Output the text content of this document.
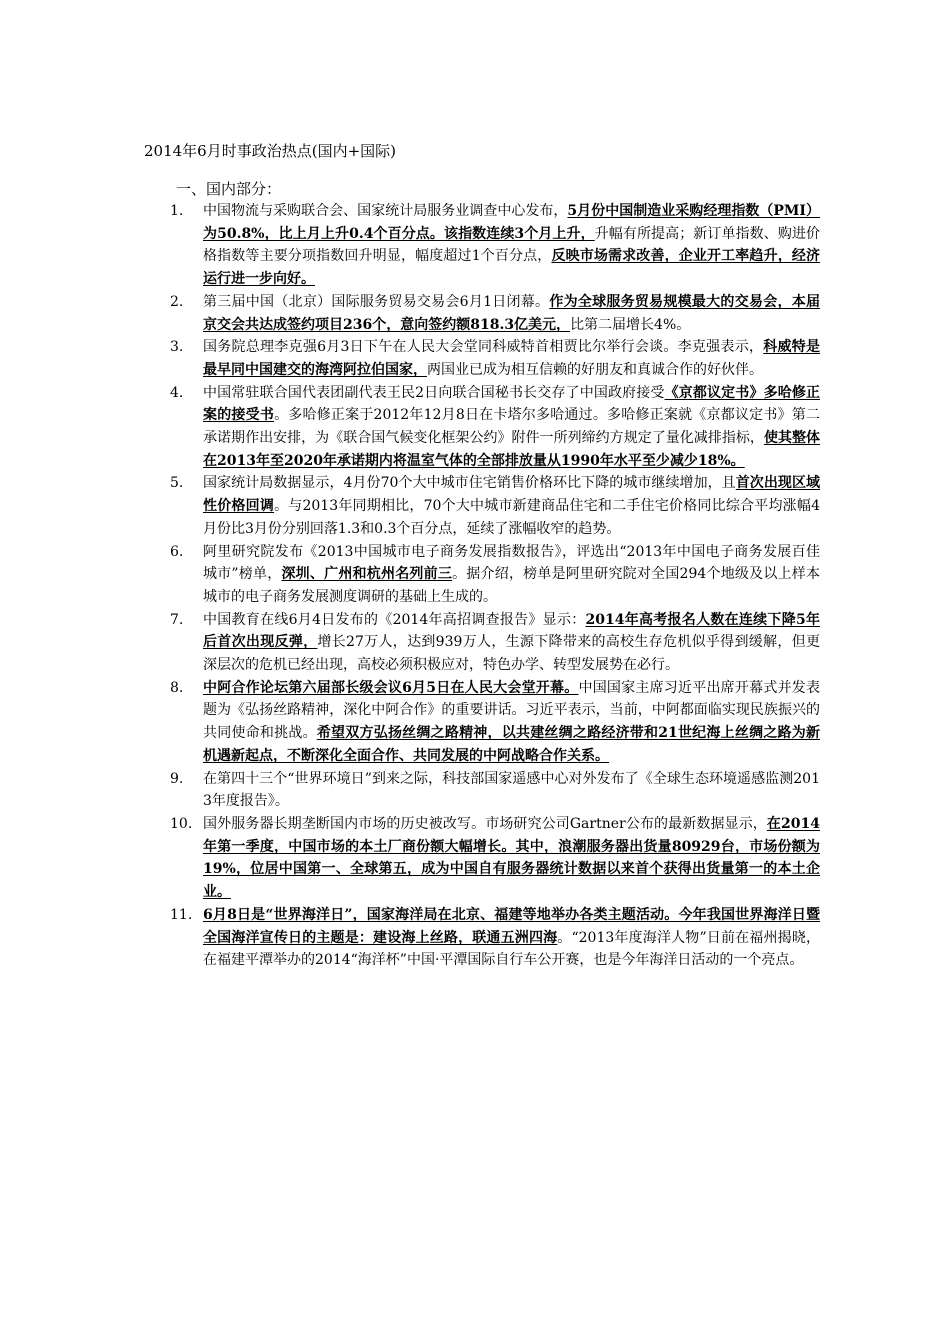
2014年6月时事政治热点(国内+国际)
一、国内部分：
1. 中国物流与采购联合会、国家统计局服务业调查中心发布，5月份中国制造业采购经理指数（PMI）为50.8%，比上月上升0.4个百分点。该指数连续3个月上升，升幅有所提高；新订单指数、购进价格指数等主要分项指数回升明显，幅度超过1个百分点，反映市场需求改善，企业开工率趋升，经济运行进一步向好。
2. 第三届中国（北京）国际服务贸易交易会6月1日闭幕。作为全球服务贸易规模最大的交易会，本届京交会共达成签约项目236个，意向签约额818.3亿美元，比第二届增长4%。
3. 国务院总理李克强6月3日下午在人民大会堂同科威特首相贾比尔举行会谈。李克强表示，科威特是最早同中国建交的海湾阿拉伯国家，两国业已成为相互信赖的好朋友和真诚合作的好伙伴。
4. 中国常驻联合国代表团副代表王民2日向联合国秘书长交存了中国政府接受《京都议定书》多哈修正案的接受书。多哈修正案于2012年12月8日在卡塔尔多哈通过。多哈修正案就《京都议定书》第二承诺期作出安排，为《联合国气候变化框架公约》附件一所列缔约方规定了量化减排指标，使其整体在2013年至2020年承诺期内将温室气体的全部排放量从1990年水平至少减少18%。
5. 国家统计局数据显示，4月份70个大中城市住宅销售价格环比下降的城市继续增加，且首次出现区域性价格回调。与2013年同期相比，70个大中城市新建商品住宅和二手住宅价格同比综合平均涨幅4月份比3月份分别回落1.3和0.3个百分点，延续了涨幅收窄的趋势。
6. 阿里研究院发布《2013中国城市电子商务发展指数报告》，评选出“2013年中国电子商务发展百佳城市”榜单，深圳、广州和杭州名列前三。据介绍，榜单是阿里研究院对全国294个地级及以上样本城市的电子商务发展测度调研的基础上生成的。
7. 中国教育在线6月4日发布的《2014年高招调查报告》显示：2014年高考报名人数在连续下降5年后首次出现反弹，增长27万人，达到939万人，生源下降带来的高校生存危机似乎得到缓解，但更深层次的危机已经出现，高校必须积极应对，特色办学、转型发展势在必行。
8. 中阿合作论坛第六届部长级会议6月5日在人民大会堂开幕。中国国家主席习近平出席开幕式并发表题为《弘扬丝路精神，深化中阿合作》的重要讲话。习近平表示，当前，中阿都面临实现民族振兴的共同使命和挑战。希望双方弘扬丝绸之路精神，以共建丝绸之路经济带和21世纪海上丝绸之路为新机遇新起点，不断深化全面合作、共同发展的中阿战略合作关系。
9. 在第四十三个“世界环境日”到来之际，科技部国家遥感中心对外发布了《全球生态环境遥感监测2013年度报告》。
10. 国外服务器长期垄断国内市场的历史被改写。市场研究公司Gartner公布的最新数据显示，在2014年第一季度，中国市场的本土厂商份额大幅增长。其中，浪潮服务器出货量80929台，市场份额为19%，位居中国第一、全球第五，成为中国自有服务器统计数据以来首个获得出货量第一的本土企业。
11. 6月8日是“世界海洋日”，国家海洋局在北京、福建等地举办各类主题活动。今年我国世界海洋日暨全国海洋宣传日的主题是：建设海上丝路，联通五洲四海。“2013年度海洋人物”日前在福州揭晓，在福建平潭举办的2014“海洋杯”中国·平潭国际自行车公开赛，也是今年海洋日活动的一个亮点。
